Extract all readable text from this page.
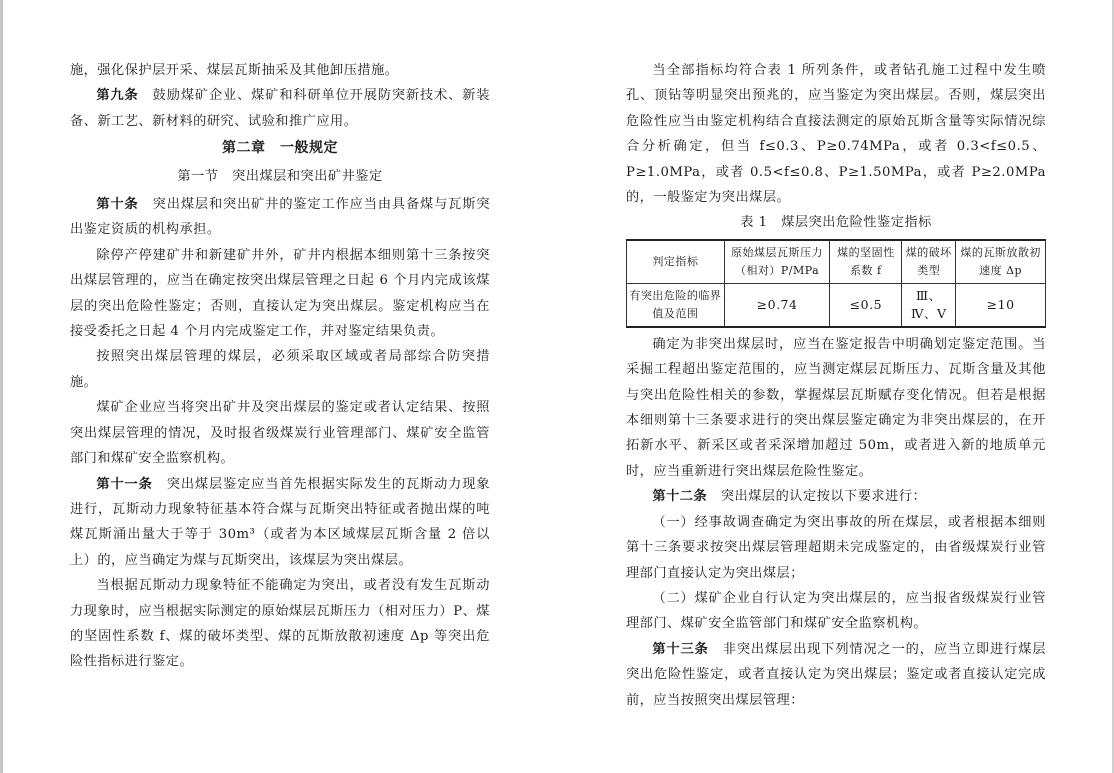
施，强化保护层开采、煤层瓦斯抽采及其他卸压措施。

第九条　鼓励煤矿企业、煤矿和科研单位开展防突新技术、新装备、新工艺、新材料的研究、试验和推广应用。

第二章　一般规定
第一节　突出煤层和突出矿井鉴定

第十条　突出煤层和突出矿井的鉴定工作应当由具备煤与瓦斯突出鉴定资质的机构承担。

除停产停建矿井和新建矿井外，矿井内根据本细则第十三条按突出煤层管理的，应当在确定按突出煤层管理之日起 6 个月内完成该煤层的突出危险性鉴定；否则，直接认定为突出煤层。鉴定机构应当在接受委托之日起 4 个月内完成鉴定工作，并对鉴定结果负责。

按照突出煤层管理的煤层，必须采取区域或者局部综合防突措施。

煤矿企业应当将突出矿井及突出煤层的鉴定或者认定结果、按照突出煤层管理的情况，及时报省级煤炭行业管理部门、煤矿安全监管部门和煤矿安全监察机构。

第十一条　突出煤层鉴定应当首先根据实际发生的瓦斯动力现象进行，瓦斯动力现象特征基本符合煤与瓦斯突出特征或者抛出煤的吨煤瓦斯涌出量大于等于 30m³（或者为本区域煤层瓦斯含量 2 倍以上）的，应当确定为煤与瓦斯突出，该煤层为突出煤层。

当根据瓦斯动力现象特征不能确定为突出，或者没有发生瓦斯动力现象时，应当根据实际测定的原始煤层瓦斯压力（相对压力）P、煤的坚固性系数 f、煤的破坏类型、煤的瓦斯放散初速度 Δp 等突出危险性指标进行鉴定。

当全部指标均符合表 1 所列条件，或者钻孔施工过程中发生喷孔、顶钻等明显突出预兆的，应当鉴定为突出煤层。否则，煤层突出危险性应当由鉴定机构结合直接法测定的原始瓦斯含量等实际情况综合分析确定，但当 f≤0.3、P≥0.74MPa，或者 0.3<f≤0.5、P≥1.0MPa，或者 0.5<f≤0.8、P≥1.50MPa，或者 P≥2.0MPa 的，一般鉴定为突出煤层。

表 1　煤层突出危险性鉴定指标
判定指标	原始煤层瓦斯压力（相对）P/MPa	煤的坚固性系数 f	煤的破坏类型	煤的瓦斯放散初速度 Δp
有突出危险的临界值及范围	≥0.74	≤0.5	Ⅲ、Ⅳ、Ⅴ	≥10

确定为非突出煤层时，应当在鉴定报告中明确划定鉴定范围。当采掘工程超出鉴定范围的，应当测定煤层瓦斯压力、瓦斯含量及其他与突出危险性相关的参数，掌握煤层瓦斯赋存变化情况。但若是根据本细则第十三条要求进行的突出煤层鉴定确定为非突出煤层的，在开拓新水平、新采区或者采深增加超过 50m，或者进入新的地质单元时，应当重新进行突出煤层危险性鉴定。

第十二条　突出煤层的认定按以下要求进行：

（一）经事故调查确定为突出事故的所在煤层，或者根据本细则第十三条要求按突出煤层管理超期未完成鉴定的，由省级煤炭行业管理部门直接认定为突出煤层；

（二）煤矿企业自行认定为突出煤层的，应当报省级煤炭行业管理部门、煤矿安全监管部门和煤矿安全监察机构。

第十三条　非突出煤层出现下列情况之一的，应当立即进行煤层突出危险性鉴定，或者直接认定为突出煤层；鉴定或者直接认定完成前，应当按照突出煤层管理：
